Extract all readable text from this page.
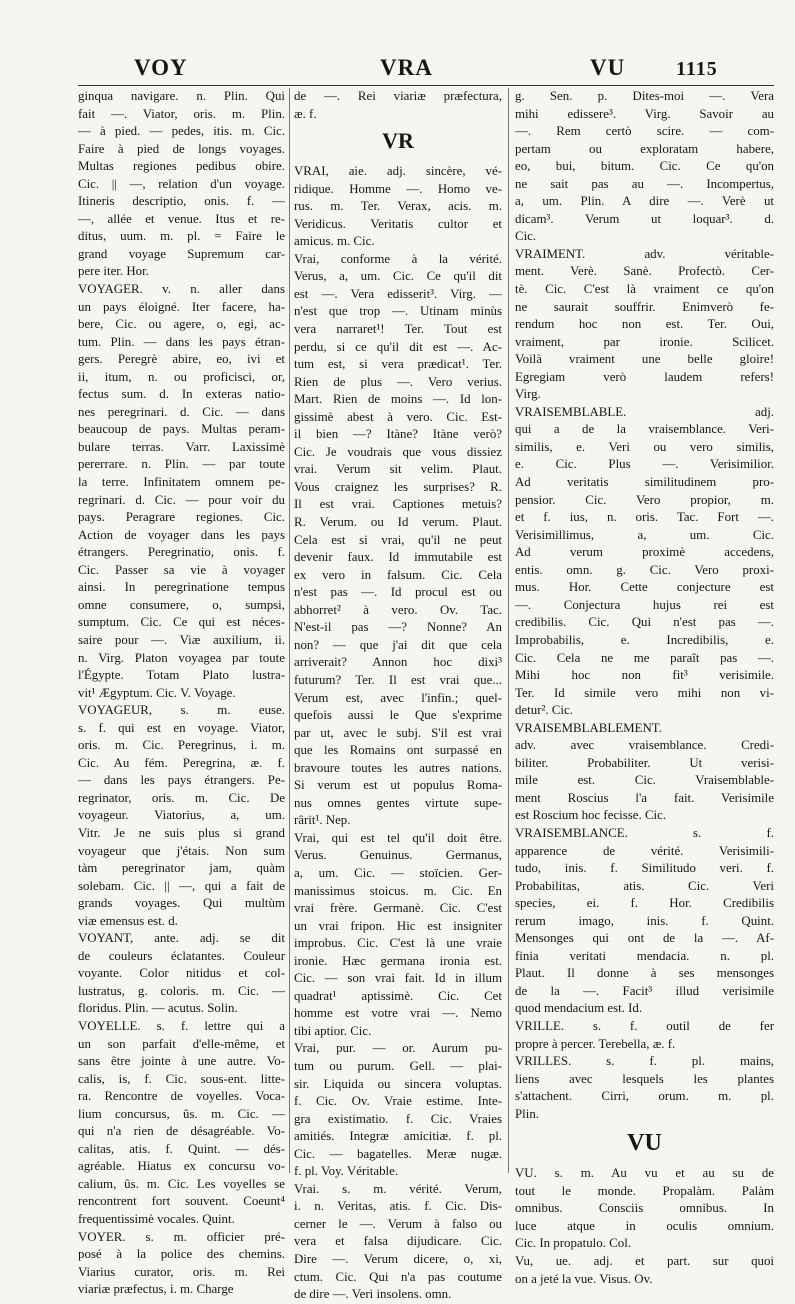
VOY	VRA	VU	1115

ginqua navigare. n. Plin. Qui

fait —. Viator, oris. m. Plin.

— à pied. — pedes, itis. m. Cic.

Faire à pied de longs voyages.

Multas regiones pedibus obire.

Cic. || —, relation d'un voyage.

Itineris descriptio, onis. f. —

—, allée et venue. Itus et re-

ditus, uum. m. pl. = Faire le

grand voyage Supremum car-

pere iter. Hor.

VOYAGER. v. n. aller dans

un pays éloigné. Iter facere, ha-

bere, Cic. ou agere, o, egi, ac-

tum. Plin. — dans les pays étran-

gers. Peregrè abire, eo, ivi et

ii, itum, n. ou proficisci, or,

fectus sum. d. In exteras natio-

nes peregrinari. d. Cic. — dans

beaucoup de pays. Multas peram-

bulare terras. Varr. Laxissimè

pererrare. n. Plin. — par toute

la terre. Infinitatem omnem pe-

regrinari. d. Cic. — pour voir du

pays. Peragrare regiones. Cic.

Action de voyager dans les pays

étrangers. Peregrinatio, onis. f.

Cic. Passer sa vie à voyager

ainsi. In peregrinatione tempus

omne consumere, o, sumpsi,

sumptum. Cic. Ce qui est néces-

saire pour —. Viæ auxilium, ii.

n. Virg. Platon voyagea par toute

l'Égypte. Totam Plato lustra-

vit¹ Ægyptum. Cic. V. Voyage.

VOYAGEUR, s. m. euse.

s. f. qui est en voyage. Viator,

oris. m. Cic. Peregrinus, i. m.

Cic. Au fém. Peregrina, æ. f.

— dans les pays étrangers. Pe-

regrinator, oris. m. Cic. De

voyageur. Viatorius, a, um.

Vitr. Je ne suis plus si grand

voyageur que j'étais. Non sum

tàm peregrinator jam, quàm

solebam. Cic. || —, qui a fait de

grands voyages. Qui multùm

viæ emensus est. d.

VOYANT, ante. adj. se dit

de couleurs éclatantes. Couleur

voyante. Color nitidus et col-

lustratus, g. coloris. m. Cic. —

floridus. Plin. — acutus. Solin.

VOYELLE. s. f. lettre qui a

un son parfait d'elle-même, et

sans être jointe à une autre. Vo-

calis, is, f. Cic. sous-ent. litte-

ra. Rencontre de voyelles. Voca-

lium concursus, ûs. m. Cic. —

qui n'a rien de désagréable. Vo-

calitas, atis. f. Quint. — dés-

agréable. Hiatus ex concursu vo-

calium, ûs. m. Cic. Les voyelles se

rencontrent fort souvent. Coeunt⁴

frequentissimè vocales. Quint.

VOYER. s. m. officier pré-

posé à la police des chemins.

Viarius curator, oris. m. Rei

viariæ præfectus, i. m. Charge

de —. Rei viariæ præfectura,

æ. f.

VR

VRAI, aie. adj. sincère, vé-

ridique. Homme —. Homo ve-

rus. m. Ter. Verax, acis. m.

Veridicus. Veritatis cultor et

amicus. m. Cic.

Vrai, conforme à la vérité.

Verus, a, um. Cic. Ce qu'il dit

est —. Vera edisserit³. Virg. —

n'est que trop —. Utinam minùs

vera narraret¹! Ter. Tout est

perdu, si ce qu'il dit est —. Ac-

tum est, si vera prædicat¹. Ter.

Rien de plus —. Vero verius.

Mart. Rien de moins —. Id lon-

gissimè abest à vero. Cic. Est-

il bien —? Itàne? Itàne verò?

Cic. Je voudrais que vous dissiez

vrai. Verum sit velim. Plaut.

Vous craignez les surprises? R.

Il est vrai. Captiones metuis?

R. Verum. ou Id verum. Plaut.

Cela est si vrai, qu'il ne peut

devenir faux. Id immutabile est

ex vero in falsum. Cic. Cela

n'est pas —. Id procul est ou

abhorret² à vero. Ov. Tac.

N'est-il pas —? Nonne? An

non? — que j'ai dit que cela

arriverait? Annon hoc dixi³

futurum? Ter. Il est vrai que...

Verum est, avec l'infin.; quel-

quefois aussi le Que s'exprime

par ut, avec le subj. S'il est vrai

que les Romains ont surpassé en

bravoure toutes les autres nations.

Si verum est ut populus Roma-

nus omnes gentes virtute supe-

rârit¹. Nep.

Vrai, qui est tel qu'il doit être.

Verus. Genuinus. Germanus,

a, um. Cic. — stoïcien. Ger-

manissimus stoicus. m. Cic. En

vrai frère. Germanè. Cic. C'est

un vrai fripon. Hic est insigniter

improbus. Cic. C'est là une vraie

ironie. Hæc germana ironia est.

Cic. — son vrai fait. Id in illum

quadrat¹ aptissimè. Cic. Cet

homme est votre vrai —. Nemo

tibi aptior. Cic.

Vrai, pur. — or. Aurum pu-

tum ou purum. Gell. — plai-

sir. Liquida ou sincera voluptas.

f. Cic. Ov. Vraie estime. Inte-

gra existimatio. f. Cic. Vraies

amitiés. Integræ amicitiæ. f. pl.

Cic. — bagatelles. Meræ nugæ.

f. pl. Voy. Véritable.

Vrai. s. m. vérité. Verum,

i. n. Veritas, atis. f. Cic. Dis-

cerner le —. Verum à falso ou

vera et falsa dijudicare. Cic.

Dire —. Verum dicere, o, xi,

ctum. Cic. Qui n'a pas coutume

de dire —. Veri insolens. omn.

g. Sen. p. Dites-moi —. Vera

mihi edissere³. Virg. Savoir au

—. Rem certò scire. — com-

pertam ou exploratam habere,

eo, bui, bitum. Cic. Ce qu'on

ne sait pas au —. Incompertus,

a, um. Plin. A dire —. Verè ut

dicam³. Verum ut loquar³. d.

Cic.

VRAIMENT. adv. véritable-

ment. Verè. Sanè. Profectò. Cer-

tè. Cic. C'est là vraiment ce qu'on

ne saurait souffrir. Enimverò fe-

rendum hoc non est. Ter. Oui,

vraiment, par ironie. Scilicet.

Voilà vraiment une belle gloire!

Egregiam verò laudem refers!

Virg.

VRAISEMBLABLE. adj.

qui a de la vraisemblance. Veri-

similis, e. Veri ou vero similis,

e. Cic. Plus —. Verisimilior.

Ad veritatis similitudinem pro-

pensior. Cic. Vero propior, m.

et f. ius, n. oris. Tac. Fort —.

Verisimillimus, a, um. Cic.

Ad verum proximè accedens,

entis. omn. g. Cic. Vero proxi-

mus. Hor. Cette conjecture est

—. Conjectura hujus rei est

credibilis. Cic. Qui n'est pas —.

Improbabilis, e. Incredibilis, e.

Cic. Cela ne me paraît pas —.

Mihi hoc non fit³ verisimile.

Ter. Id simile vero mihi non vi-

detur². Cic.

VRAISEMBLABLEMENT.

adv. avec vraisemblance. Credi-

biliter. Probabiliter. Ut verisi-

mile est. Cic. Vraisemblable-

ment Roscius l'a fait. Verisimile

est Roscium hoc fecisse. Cic.

VRAISEMBLANCE. s. f.

apparence de vérité. Verisimili-

tudo, inis. f. Similitudo veri. f.

Probabilitas, atis. Cic. Veri

species, ei. f. Hor. Credibilis

rerum imago, inis. f. Quint.

Mensonges qui ont de la —. Af-

finia veritati mendacia. n. pl.

Plaut. Il donne à ses mensonges

de la —. Facit³ illud verisimile

quod mendacium est. Id.

VRILLE. s. f. outil de fer

propre à percer. Terebella, æ. f.

VRILLES. s. f. pl. mains,

liens avec lesquels les plantes

s'attachent. Cirri, orum. m. pl.

Plin.

VU

VU. s. m. Au vu et au su de

tout le monde. Propalàm. Palàm

omnibus. Consciis omnibus. In

luce atque in oculis omnium.

Cic. In propatulo. Col.

Vu, ue. adj. et part. sur quoi

on a jeté la vue. Visus. Ov.
